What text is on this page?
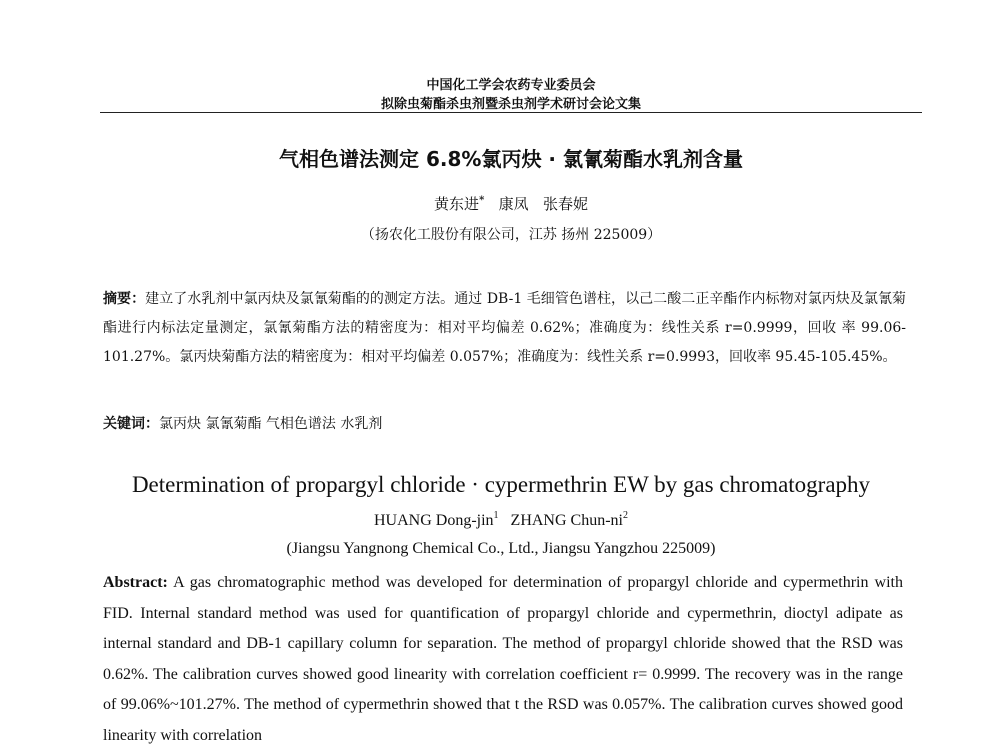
中国化工学会农药专业委员会
拟除虫菊酯杀虫剂暨杀虫剂学术研讨会论文集
气相色谱法测定 6.8%氯丙炔 · 氯氰菊酯水乳剂含量
黄东进* 康凤 张春妮
（扬农化工股份有限公司，江苏 扬州 225009）
摘要：建立了水乳剂中氯丙炔及氯氰菊酯的的测定方法。通过 DB-1 毛细管色谱柱，以己二酸二正辛酯作内标物对氯丙炔及氯氰菊酯进行内标法定量测定，氯氰菊酯方法的精密度为：相对平均偏差 0.62%；准确度为：线性关系 r=0.9999，回收 率 99.06-101.27%。氯丙炔菊酯方法的精密度为：相对平均偏差 0.057%；准确度为：线性关系 r=0.9993，回收率 95.45-105.45%。
关键词：氯丙炔 氯氰菊酯 气相色谱法 水乳剂
Determination of propargyl chloride · cypermethrin EW by gas chromatography
HUANG Dong-jin$^1$ ZHANG Chun-$ni^2$
(Jiangsu Yangnong Chemical Co., Ltd., Jiangsu Yangzhou 225009)
Abstract: A gas chromatographic method was developed for determination of propargyl chloride and cypermethrin with FID. Internal standard method was used for quantification of propargyl chloride and cypermethrin, dioctyl adipate as internal standard and DB-1 capillary column for separation. The method of propargyl chloride showed that the RSD was 0.62%. The calibration curves showed good linearity with correlation coefficient r= 0.9999. The recovery was in the range of 99.06%~101.27%. The method of cypermethrin showed that t the RSD was 0.057%. The calibration curves showed good linearity with correlation
